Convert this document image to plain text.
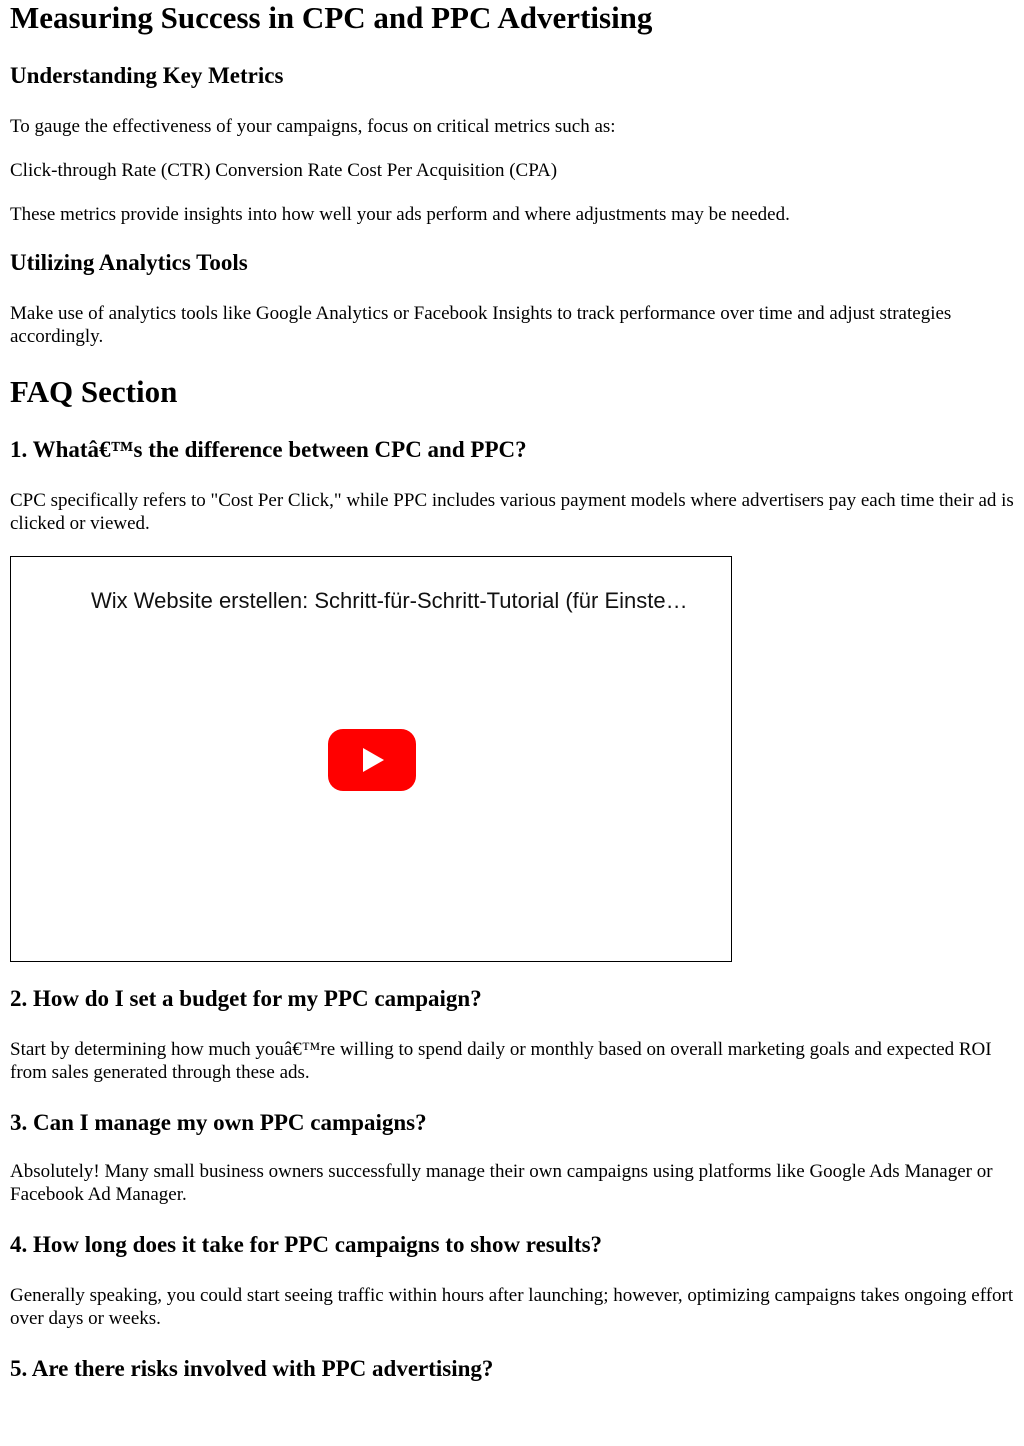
Measuring Success in CPC and PPC Advertising
Understanding Key Metrics

To gauge the effectiveness of your campaigns, focus on critical metrics such as:

Click-through Rate (CTR) Conversion Rate Cost Per Acquisition (CPA)

These metrics provide insights into how well your ads perform and where adjustments may be needed.

Utilizing Analytics Tools

Make use of analytics tools like Google Analytics or Facebook Insights to track performance over time and adjust strategies accordingly.

FAQ Section
1. Whatâ€™s the difference between CPC and PPC?

CPC specifically refers to "Cost Per Click," while PPC includes various payment models where advertisers pay each time their ad is clicked or viewed.

Wix Website erstellen: Schritt-für-Schritt-Tutorial (für Einste…
2. How do I set a budget for my PPC campaign?

Start by determining how much youâ€™re willing to spend daily or monthly based on overall marketing goals and expected ROI from sales generated through these ads.

3. Can I manage my own PPC campaigns?

Absolutely! Many small business owners successfully manage their own campaigns using platforms like Google Ads Manager or Facebook Ad Manager.

4. How long does it take for PPC campaigns to show results?

Generally speaking, you could start seeing traffic within hours after launching; however, optimizing campaigns takes ongoing effort over days or weeks.

5. Are there risks involved with PPC advertising?
